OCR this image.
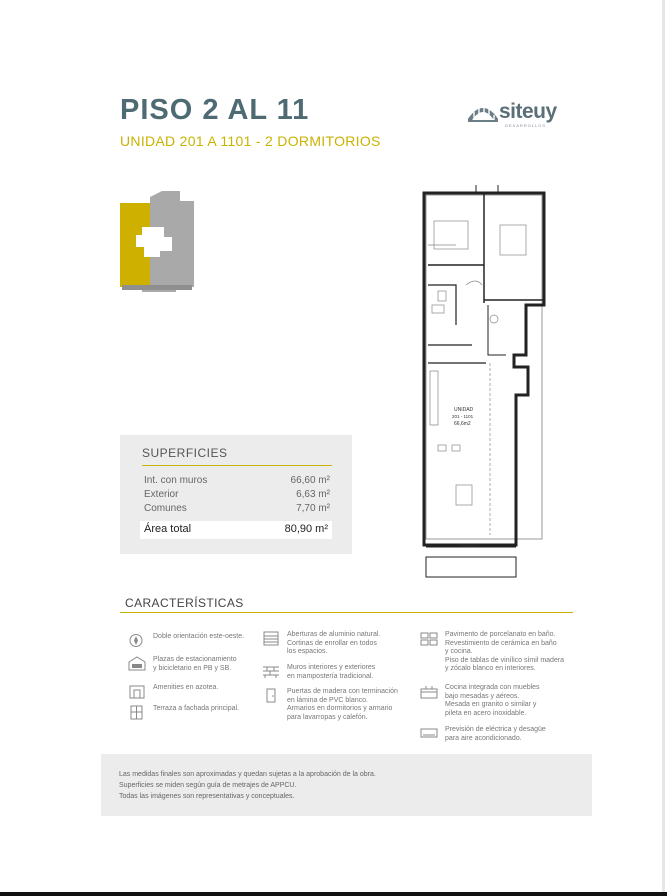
PISO 2 AL 11
UNIDAD 201 A 1101 - 2 DORMITORIOS
siteuy
DESARROLLOS
UNIDAD
201 - 1101
66,6m2
TERRAZA
SUPERFICIES
Int. con muros	66,60 m²
Exterior	6,63 m²
Comunes	7,70 m²
Área total	80,90 m²
CARACTERÍSTICAS
Doble orientación este-oeste.
Plazas de estacionamiento
y bicicletario en PB y SB.
Amenities en azotea.
Terraza a fachada principal.
Aberturas de aluminio natural.
Cortinas de enrollar en todos
los espacios.
Muros interiores y exteriores
en mampostería tradicional.
Puertas de madera con terminación
en lámina de PVC blanco.
Armarios en dormitorios y armario
para lavarropas y calefón.
Pavimento de porcelanato en baño.
Revestimiento de cerámica en baño
y cocina.
Piso de tablas de vinílico símil madera
y zócalo blanco en interiores.
Cocina integrada con muebles
bajo mesadas y aéreos.
Mesada en granito o similar y
pileta en acero inoxidable.
Previsión de eléctrica y desagüe
para aire acondicionado.
Las medidas finales son aproximadas y quedan sujetas a la aprobación de la obra.
Superficies se miden según guía de metrajes de APPCU.
Todas las imágenes son representativas y conceptuales.
